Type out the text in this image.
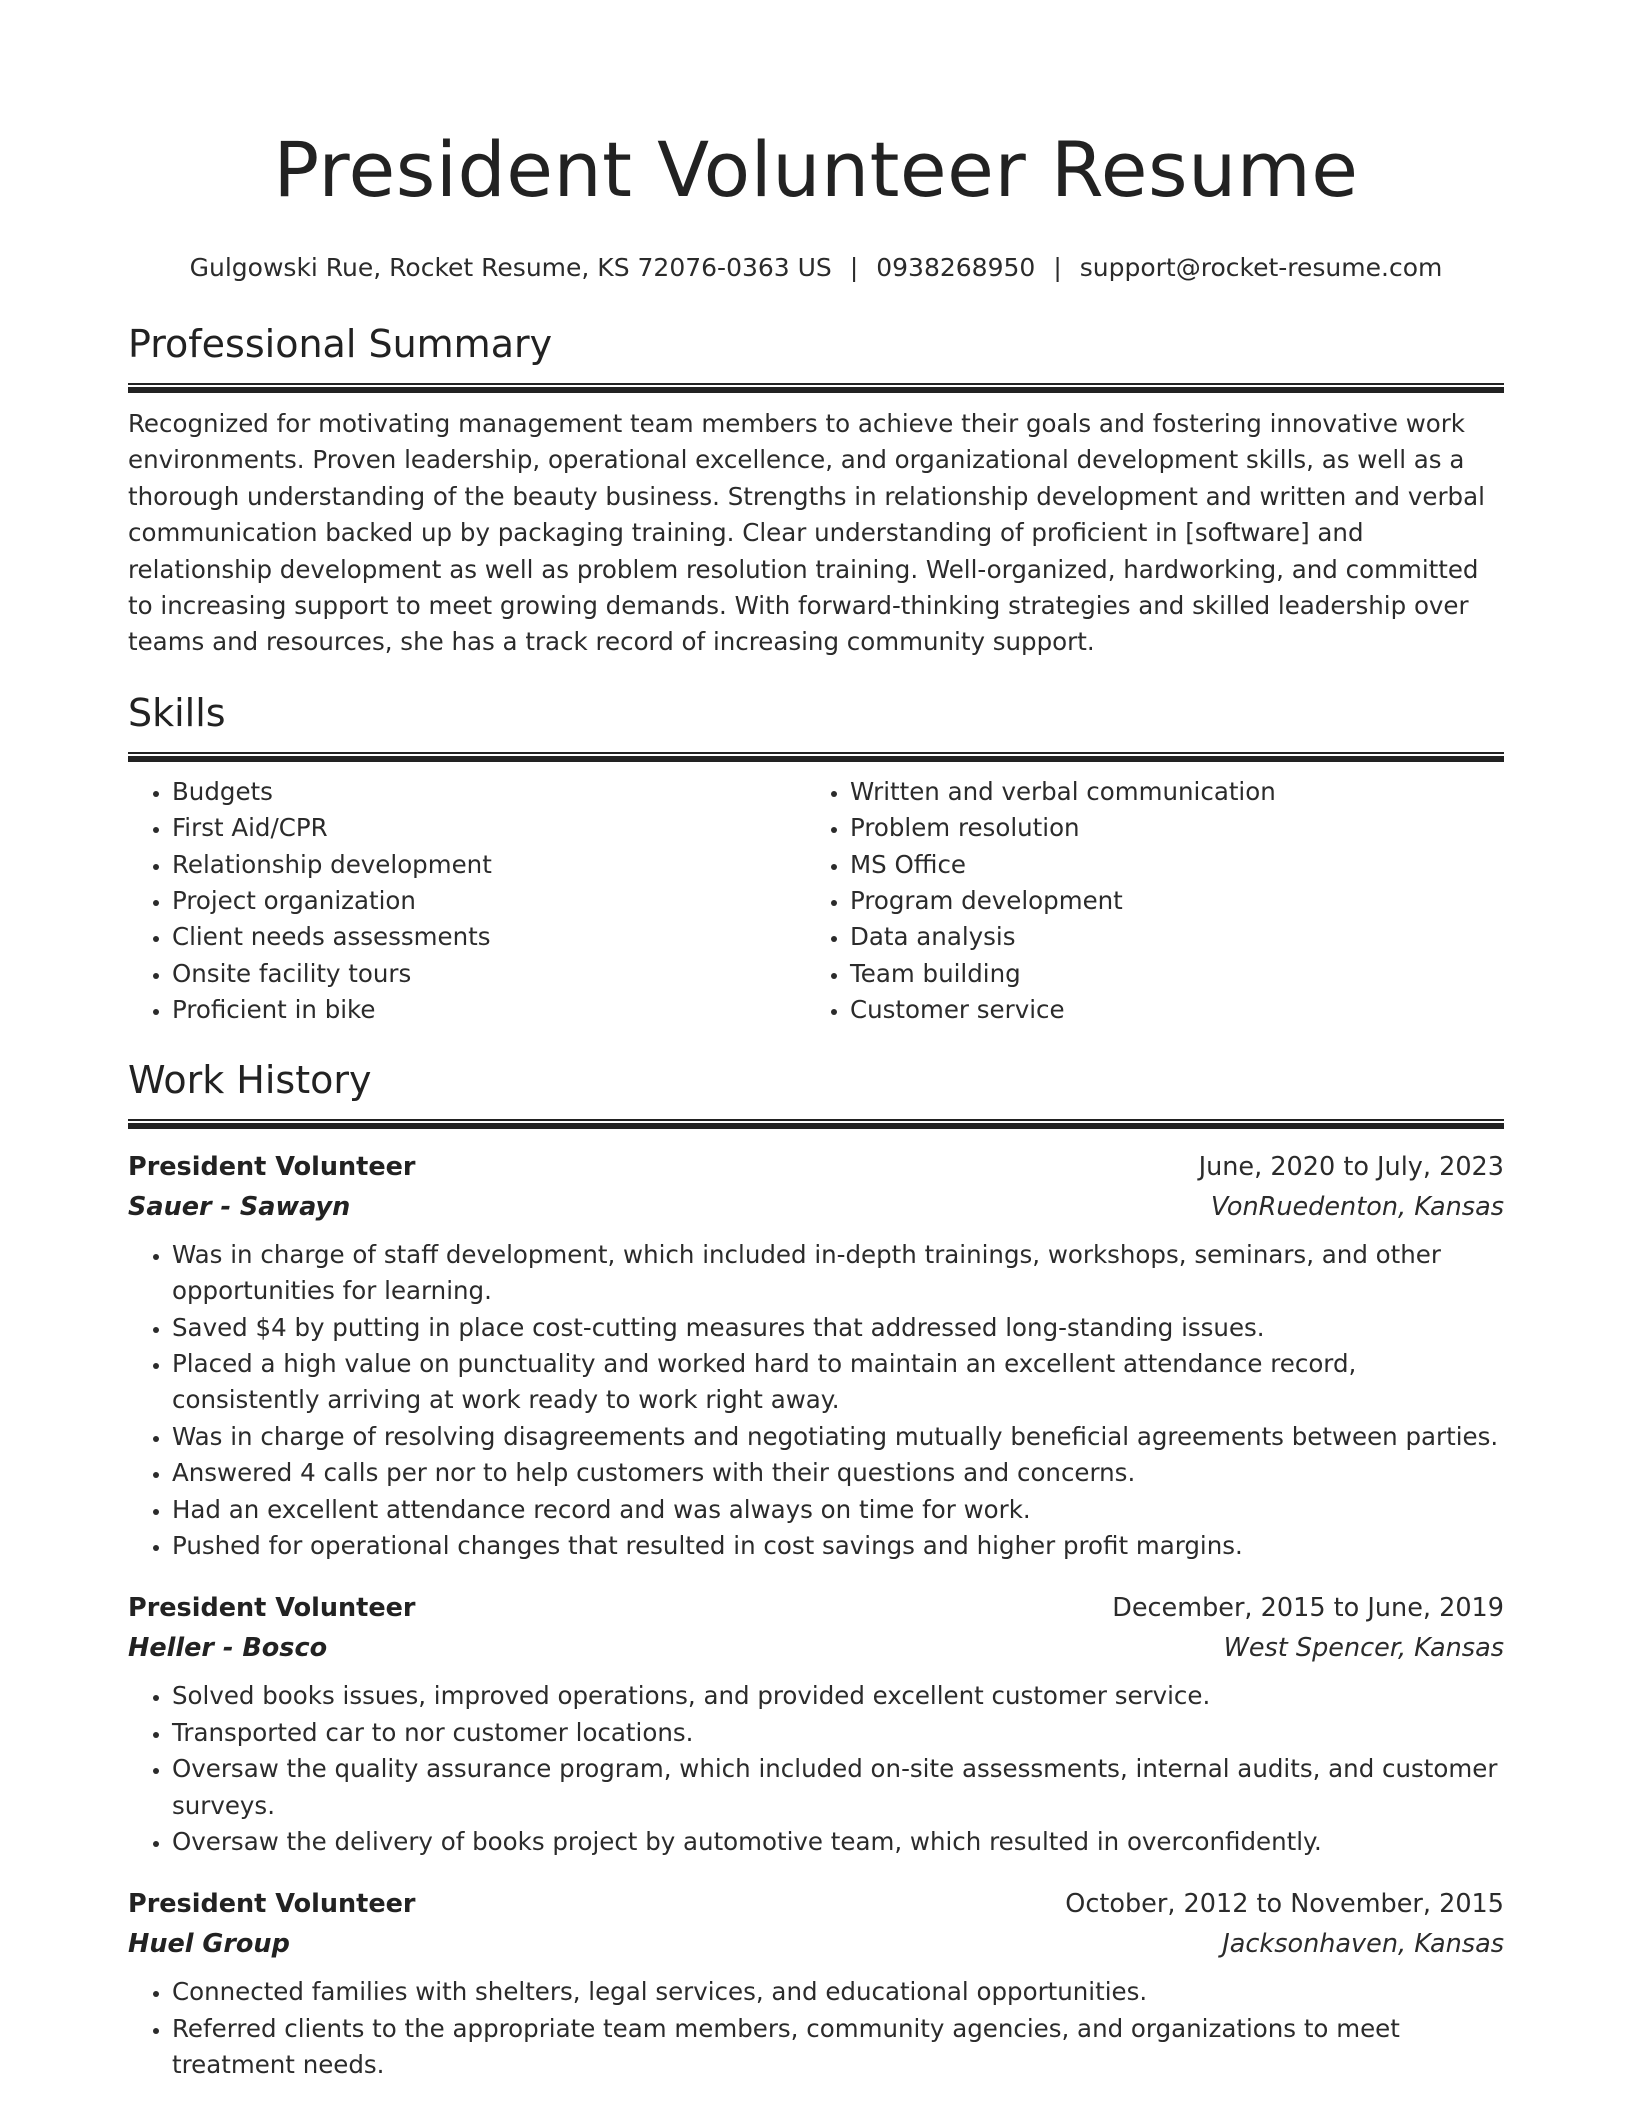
President Volunteer Resume
Gulgowski Rue, Rocket Resume, KS 72076-0363 US | 0938268950 | support@rocket-resume.com
Professional Summary

Recognized for motivating management team members to achieve their goals and fostering innovative work environments. Proven leadership, operational excellence, and organizational development skills, as well as a thorough understanding of the beauty business. Strengths in relationship development and written and verbal communication backed up by packaging training. Clear understanding of proficient in [software] and relationship development as well as problem resolution training. Well-organized, hardworking, and committed to increasing support to meet growing demands. With forward-thinking strategies and skilled leadership over teams and resources, she has a track record of increasing community support.

Skills
• Budgets
• First Aid/CPR
• Relationship development
• Project organization
• Client needs assessments
• Onsite facility tours
• Proficient in bike
• Written and verbal communication
• Problem resolution
• MS Office
• Program development
• Data analysis
• Team building
• Customer service
Work History
President Volunteer	June, 2020 to July, 2023
Sauer - Sawayn	VonRuedenton, Kansas
• Was in charge of staff development, which included in-depth trainings, workshops, seminars, and other opportunities for learning.
• Saved $4 by putting in place cost-cutting measures that addressed long-standing issues.
• Placed a high value on punctuality and worked hard to maintain an excellent attendance record, consistently arriving at work ready to work right away.
• Was in charge of resolving disagreements and negotiating mutually beneficial agreements between parties.
• Answered 4 calls per nor to help customers with their questions and concerns.
• Had an excellent attendance record and was always on time for work.
• Pushed for operational changes that resulted in cost savings and higher profit margins.
President Volunteer	December, 2015 to June, 2019
Heller - Bosco	West Spencer, Kansas
• Solved books issues, improved operations, and provided excellent customer service.
• Transported car to nor customer locations.
• Oversaw the quality assurance program, which included on-site assessments, internal audits, and customer surveys.
• Oversaw the delivery of books project by automotive team, which resulted in overconfidently.
President Volunteer	October, 2012 to November, 2015
Huel Group	Jacksonhaven, Kansas
• Connected families with shelters, legal services, and educational opportunities.
• Referred clients to the appropriate team members, community agencies, and organizations to meet treatment needs.
